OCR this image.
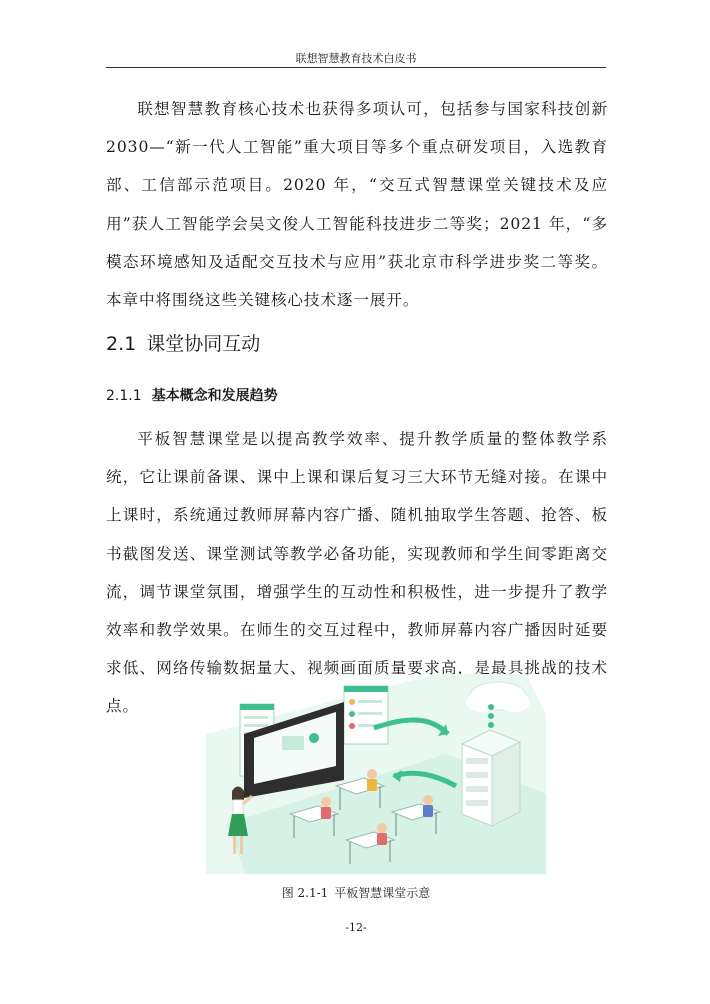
联想智慧教育技术白皮书

联想智慧教育核心技术也获得多项认可，包括参与国家科技创新2030—“新一代人工智能”重大项目等多个重点研发项目，入选教育部、工信部示范项目。2020 年，“交互式智慧课堂关键技术及应用”获人工智能学会吴文俊人工智能科技进步二等奖；2021 年，“多模态环境感知及适配交互技术与应用”获北京市科学进步奖二等奖。本章中将围绕这些关键核心技术逐一展开。

2.1 课堂协同互动
2.1.1 基本概念和发展趋势

平板智慧课堂是以提高教学效率、提升教学质量的整体教学系统，它让课前备课、课中上课和课后复习三大环节无缝对接。在课中上课时，系统通过教师屏幕内容广播、随机抽取学生答题、抢答、板书截图发送、课堂测试等教学必备功能，实现教师和学生间零距离交流，调节课堂氛围，增强学生的互动性和积极性，进一步提升了教学效率和教学效果。在师生的交互过程中，教师屏幕内容广播因时延要求低、网络传输数据量大、视频画面质量要求高，是最具挑战的技术点。

图 2.1-1 平板智慧课堂示意
-12-
